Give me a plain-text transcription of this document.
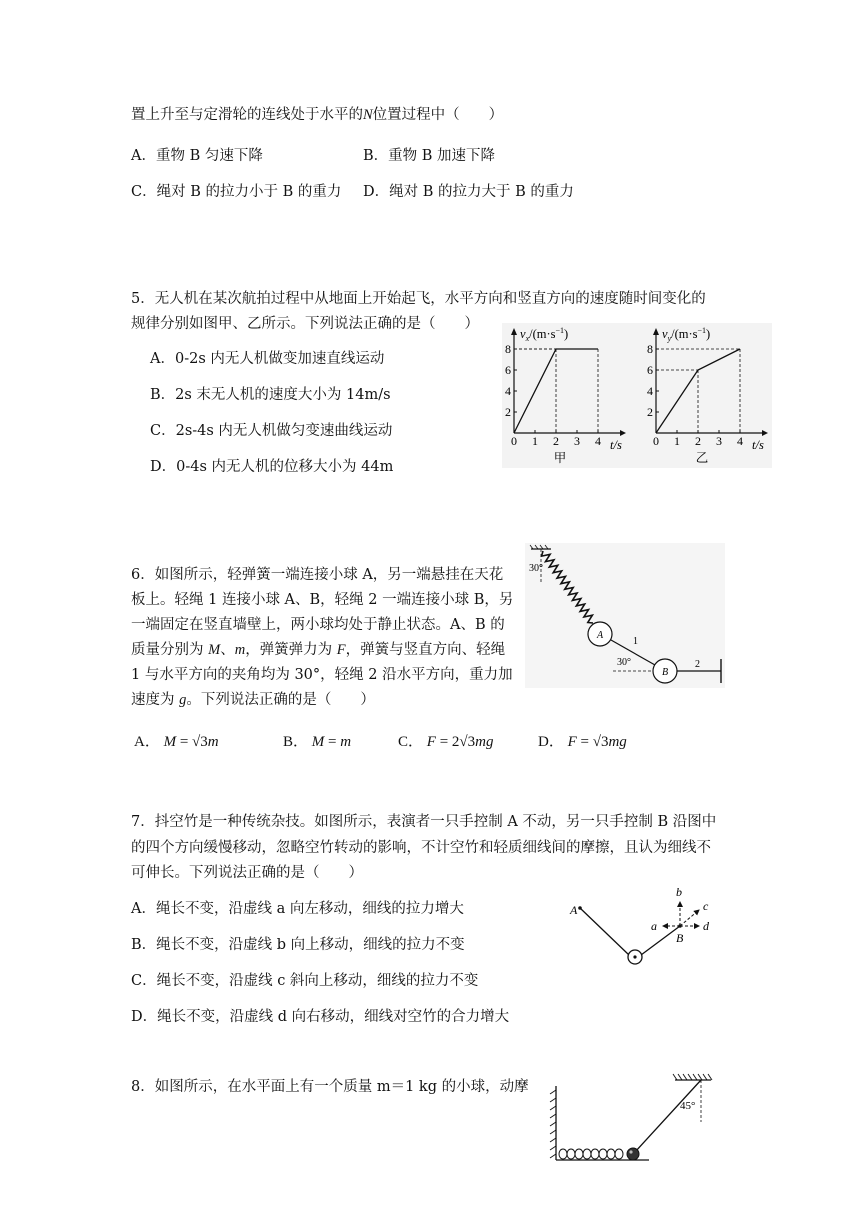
置上升至与定滑轮的连线处于水平的N位置过程中（　　）
A．重物 B 匀速下降	B．重物 B 加速下降
C．绳对 B 的拉力小于 B 的重力 D．绳对 B 的拉力大于 B 的重力
5．无人机在某次航拍过程中从地面上开始起飞，水平方向和竖直方向的速度随时间变化的
规律分别如图甲、乙所示。下列说法正确的是（　　）
A．0-2s 内无人机做变加速直线运动
B．2s 末无人机的速度大小为 14m/s
C．2s-4s 内无人机做匀变速曲线运动
D．0-4s 内无人机的位移大小为 44m
$v_x/(m\cdot s^{-1})$
t/s
甲
0 1 2 3 4
2
4
6
8
$v_y/(m\cdot s^{-1})$
t/s
乙
0 1 2 3 4
2
4
6
8
6．如图所示，轻弹簧一端连接小球 A，另一端悬挂在天花
板上。轻绳 1 连接小球 A、B，轻绳 2 一端连接小球 B，另
一端固定在竖直墙壁上，两小球均处于静止状态。A、B 的
质量分别为 M、m，弹簧弹力为 F，弹簧与竖直方向、轻绳
1 与水平方向的夹角均为 30°，轻绳 2 沿水平方向，重力加
速度为 g。下列说法正确的是（　　）
30°
A
1
30°
B
2
A． M = √3m	B． M = m	C． F = 2√3mg	D． F = √3mg
7．抖空竹是一种传统杂技。如图所示，表演者一只手控制 A 不动，另一只手控制 B 沿图中
的四个方向缓慢移动，忽略空竹转动的影响，不计空竹和轻质细线间的摩擦，且认为细线不
可伸长。下列说法正确的是（　　）
A．绳长不变，沿虚线 a 向左移动，细线的拉力增大
B．绳长不变，沿虚线 b 向上移动，细线的拉力不变
C．绳长不变，沿虚线 c 斜向上移动，细线的拉力不变
D．绳长不变，沿虚线 d 向右移动，细线对空竹的合力增大
A
B
a
b
c
d
8．如图所示，在水平面上有一个质量 m＝1 kg 的小球，动摩
45°
